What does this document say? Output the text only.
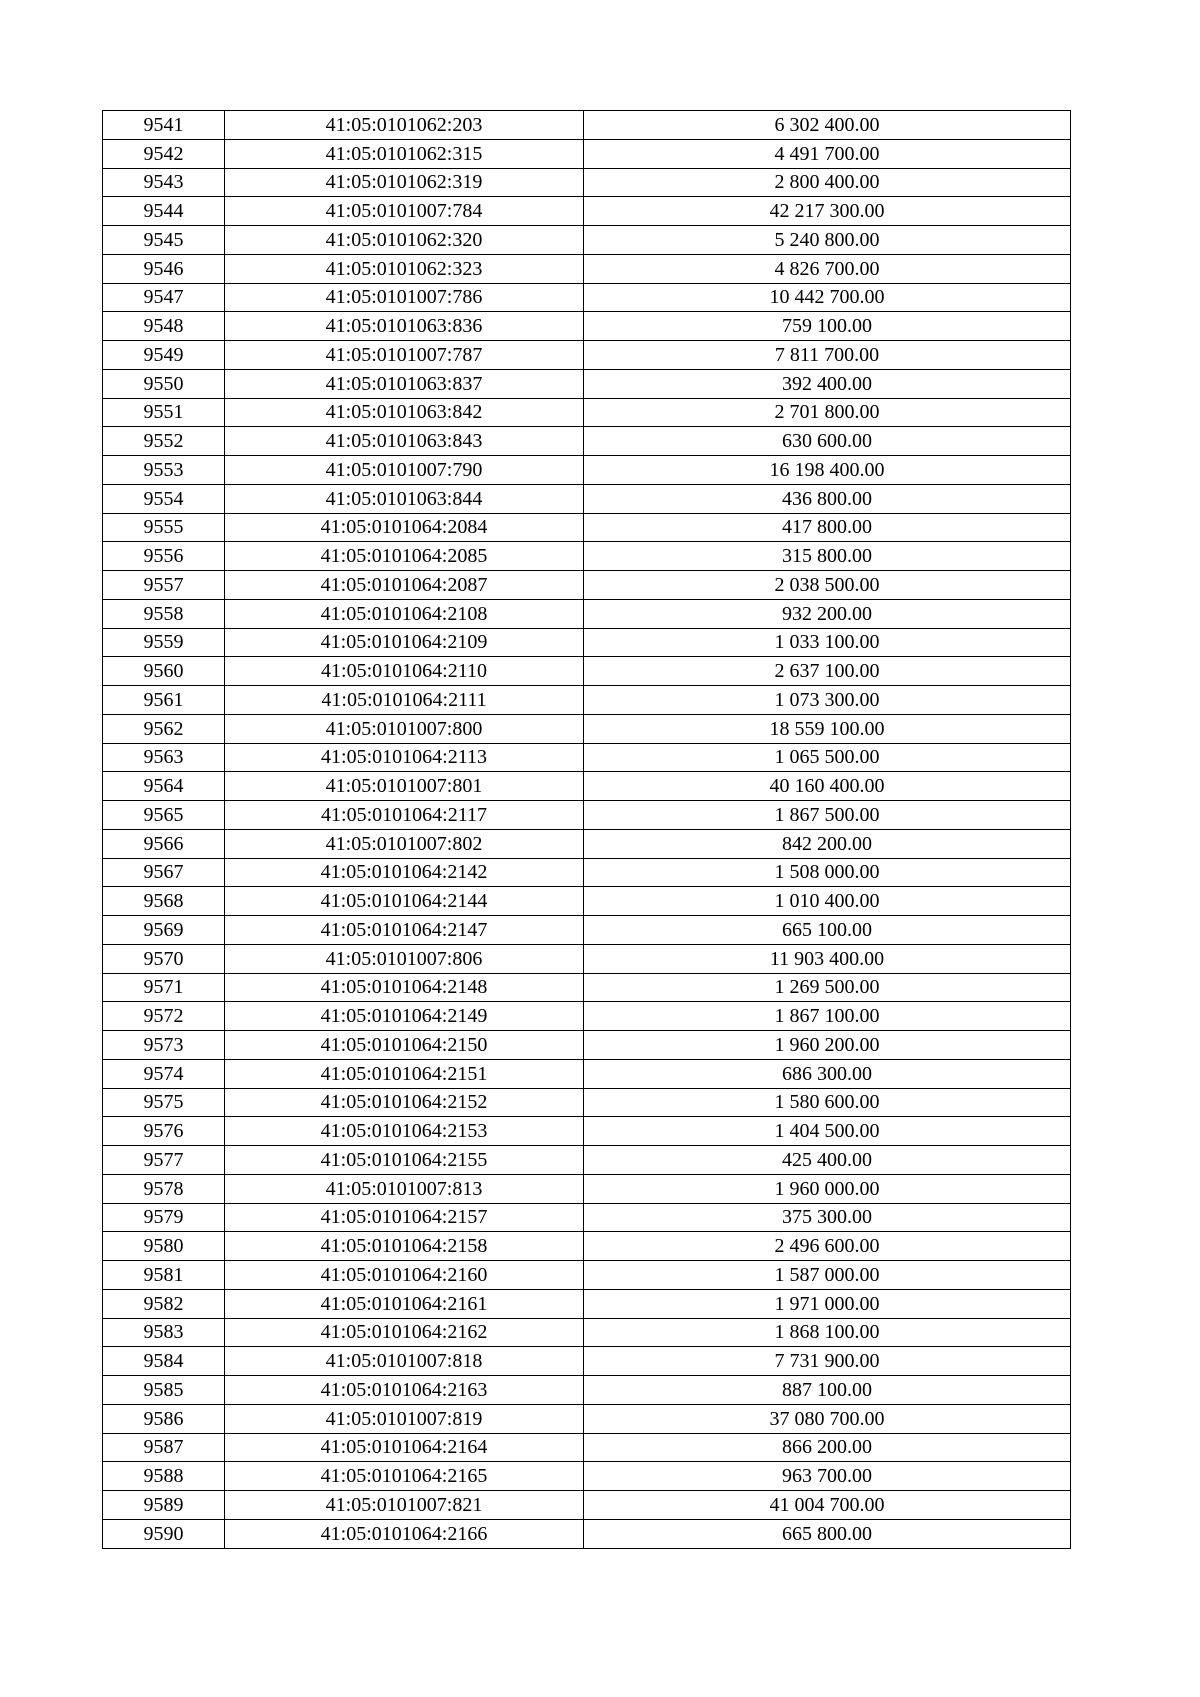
9541	41:05:0101062:203	6 302 400.00
9542	41:05:0101062:315	4 491 700.00
9543	41:05:0101062:319	2 800 400.00
9544	41:05:0101007:784	42 217 300.00
9545	41:05:0101062:320	5 240 800.00
9546	41:05:0101062:323	4 826 700.00
9547	41:05:0101007:786	10 442 700.00
9548	41:05:0101063:836	759 100.00
9549	41:05:0101007:787	7 811 700.00
9550	41:05:0101063:837	392 400.00
9551	41:05:0101063:842	2 701 800.00
9552	41:05:0101063:843	630 600.00
9553	41:05:0101007:790	16 198 400.00
9554	41:05:0101063:844	436 800.00
9555	41:05:0101064:2084	417 800.00
9556	41:05:0101064:2085	315 800.00
9557	41:05:0101064:2087	2 038 500.00
9558	41:05:0101064:2108	932 200.00
9559	41:05:0101064:2109	1 033 100.00
9560	41:05:0101064:2110	2 637 100.00
9561	41:05:0101064:2111	1 073 300.00
9562	41:05:0101007:800	18 559 100.00
9563	41:05:0101064:2113	1 065 500.00
9564	41:05:0101007:801	40 160 400.00
9565	41:05:0101064:2117	1 867 500.00
9566	41:05:0101007:802	842 200.00
9567	41:05:0101064:2142	1 508 000.00
9568	41:05:0101064:2144	1 010 400.00
9569	41:05:0101064:2147	665 100.00
9570	41:05:0101007:806	11 903 400.00
9571	41:05:0101064:2148	1 269 500.00
9572	41:05:0101064:2149	1 867 100.00
9573	41:05:0101064:2150	1 960 200.00
9574	41:05:0101064:2151	686 300.00
9575	41:05:0101064:2152	1 580 600.00
9576	41:05:0101064:2153	1 404 500.00
9577	41:05:0101064:2155	425 400.00
9578	41:05:0101007:813	1 960 000.00
9579	41:05:0101064:2157	375 300.00
9580	41:05:0101064:2158	2 496 600.00
9581	41:05:0101064:2160	1 587 000.00
9582	41:05:0101064:2161	1 971 000.00
9583	41:05:0101064:2162	1 868 100.00
9584	41:05:0101007:818	7 731 900.00
9585	41:05:0101064:2163	887 100.00
9586	41:05:0101007:819	37 080 700.00
9587	41:05:0101064:2164	866 200.00
9588	41:05:0101064:2165	963 700.00
9589	41:05:0101007:821	41 004 700.00
9590	41:05:0101064:2166	665 800.00
